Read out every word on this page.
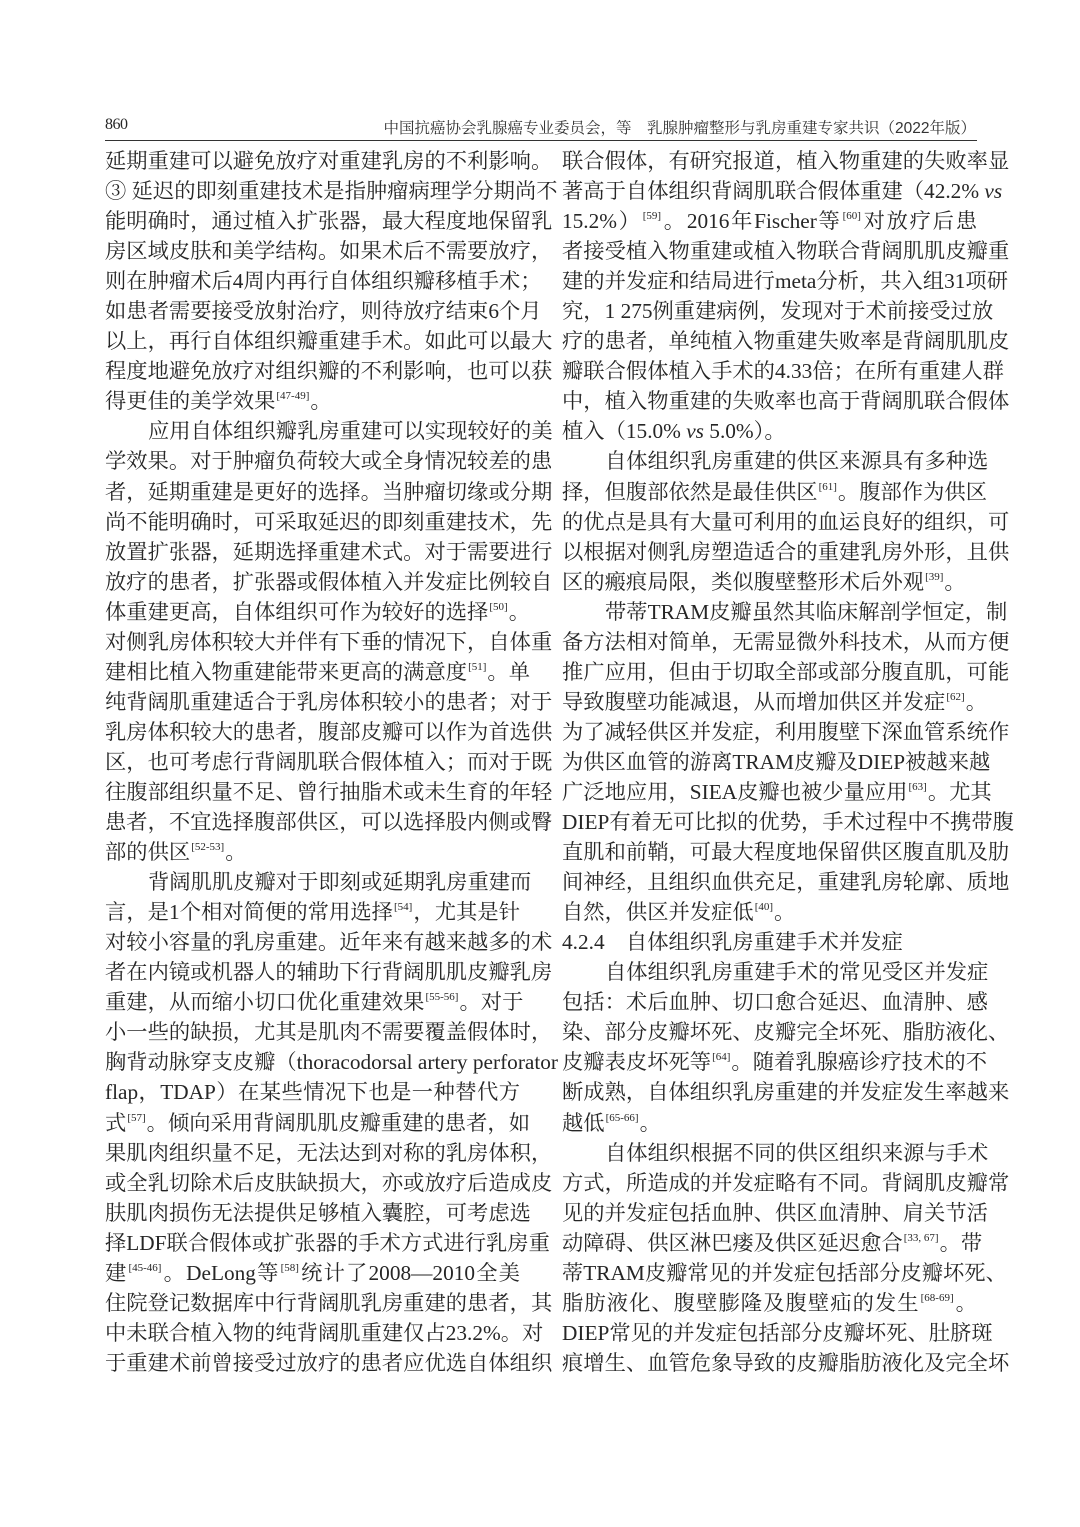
860	中国抗癌协会乳腺癌专业委员会，等　乳腺肿瘤整形与乳房重建专家共识（2022年版）
延期重建可以避免放疗对重建乳房的不利影响。
③ 延迟的即刻重建技术是指肿瘤病理学分期尚不
能明确时，通过植入扩张器，最大程度地保留乳
房区域皮肤和美学结构。如果术后不需要放疗，
则在肿瘤术后4周内再行自体组织瓣移植手术；
如患者需要接受放射治疗，则待放疗结束6个月
以上，再行自体组织瓣重建手术。如此可以最大
程度地避免放疗对组织瓣的不利影响，也可以获
得更佳的美学效果[47-49]。
应用自体组织瓣乳房重建可以实现较好的美
学效果。对于肿瘤负荷较大或全身情况较差的患
者，延期重建是更好的选择。当肿瘤切缘或分期
尚不能明确时，可采取延迟的即刻重建技术，先
放置扩张器，延期选择重建术式。对于需要进行
放疗的患者，扩张器或假体植入并发症比例较自
体重建更高，自体组织可作为较好的选择[50]。
对侧乳房体积较大并伴有下垂的情况下，自体重
建相比植入物重建能带来更高的满意度[51]。单
纯背阔肌重建适合于乳房体积较小的患者；对于
乳房体积较大的患者，腹部皮瓣可以作为首选供
区，也可考虑行背阔肌联合假体植入；而对于既
往腹部组织量不足、曾行抽脂术或未生育的年轻
患者，不宜选择腹部供区，可以选择股内侧或臀
部的供区[52-53]。
背阔肌肌皮瓣对于即刻或延期乳房重建而
言，是1个相对简便的常用选择[54]，尤其是针
对较小容量的乳房重建。近年来有越来越多的术
者在内镜或机器人的辅助下行背阔肌肌皮瓣乳房
重建，从而缩小切口优化重建效果[55-56]。对于
小一些的缺损，尤其是肌肉不需要覆盖假体时，
胸背动脉穿支皮瓣（thoracodorsal artery perforator
flap，TDAP）在某些情况下也是一种替代方
式[57]。倾向采用背阔肌肌皮瓣重建的患者，如
果肌肉组织量不足，无法达到对称的乳房体积，
或全乳切除术后皮肤缺损大，亦或放疗后造成皮
肤肌肉损伤无法提供足够植入囊腔，可考虑选
择LDF联合假体或扩张器的手术方式进行乳房重
建[45-46]。DeLong等[58]统计了2008—2010全美
住院登记数据库中行背阔肌乳房重建的患者，其
中未联合植入物的纯背阔肌重建仅占23.2%。对
于重建术前曾接受过放疗的患者应优选自体组织
联合假体，有研究报道，植入物重建的失败率显
著高于自体组织背阔肌联合假体重建（42.2% vs
15.2%）[59]。2016年Fischer等[60]对放疗后患
者接受植入物重建或植入物联合背阔肌肌皮瓣重
建的并发症和结局进行meta分析，共入组31项研
究，1 275例重建病例，发现对于术前接受过放
疗的患者，单纯植入物重建失败率是背阔肌肌皮
瓣联合假体植入手术的4.33倍；在所有重建人群
中，植入物重建的失败率也高于背阔肌联合假体
植入（15.0% vs 5.0%）。
自体组织乳房重建的供区来源具有多种选
择，但腹部依然是最佳供区[61]。腹部作为供区
的优点是具有大量可利用的血运良好的组织，可
以根据对侧乳房塑造适合的重建乳房外形，且供
区的瘢痕局限，类似腹壁整形术后外观[39]。
带蒂TRAM皮瓣虽然其临床解剖学恒定，制
备方法相对简单，无需显微外科技术，从而方便
推广应用，但由于切取全部或部分腹直肌，可能
导致腹壁功能减退，从而增加供区并发症[62]。
为了减轻供区并发症，利用腹壁下深血管系统作
为供区血管的游离TRAM皮瓣及DIEP被越来越
广泛地应用，SIEA皮瓣也被少量应用[63]。尤其
DIEP有着无可比拟的优势，手术过程中不携带腹
直肌和前鞘，可最大程度地保留供区腹直肌及肋
间神经，且组织血供充足，重建乳房轮廓、质地
自然，供区并发症低[40]。
4.2.4　自体组织乳房重建手术并发症
自体组织乳房重建手术的常见受区并发症
包括：术后血肿、切口愈合延迟、血清肿、感
染、部分皮瓣坏死、皮瓣完全坏死、脂肪液化、
皮瓣表皮坏死等[64]。随着乳腺癌诊疗技术的不
断成熟，自体组织乳房重建的并发症发生率越来
越低[65-66]。
自体组织根据不同的供区组织来源与手术
方式，所造成的并发症略有不同。背阔肌皮瓣常
见的并发症包括血肿、供区血清肿、肩关节活
动障碍、供区淋巴瘘及供区延迟愈合[33, 67]。带
蒂TRAM皮瓣常见的并发症包括部分皮瓣坏死、
脂肪液化、腹壁膨隆及腹壁疝的发生[68-69]。
DIEP常见的并发症包括部分皮瓣坏死、肚脐斑
痕增生、血管危象导致的皮瓣脂肪液化及完全坏
